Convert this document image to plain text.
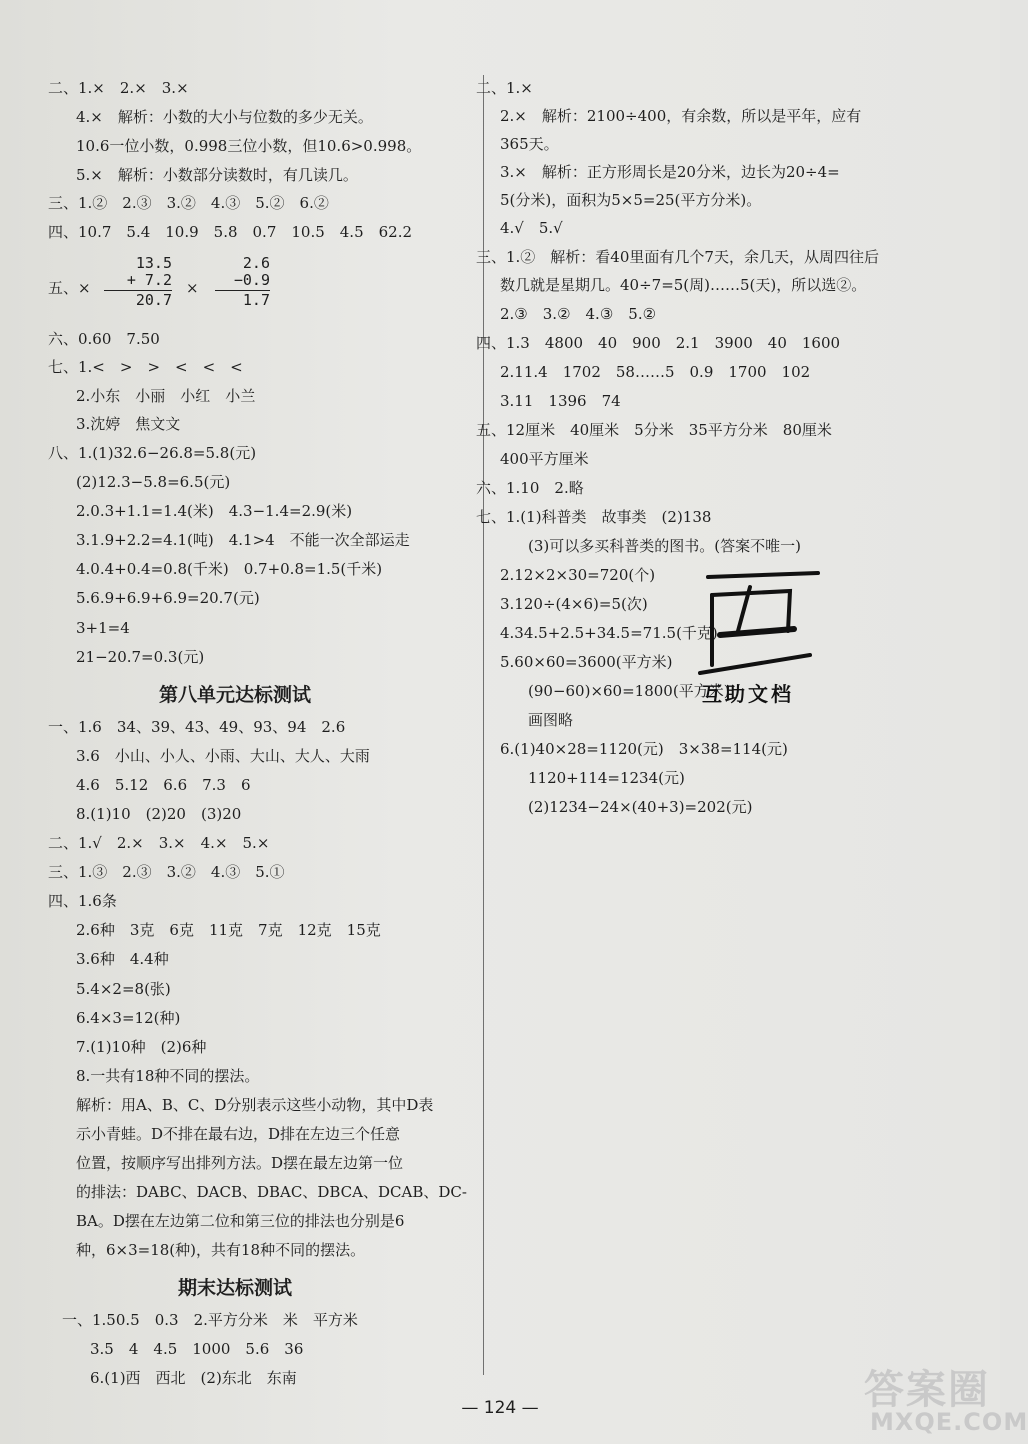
二、1.×　2.×　3.×
4.×　解析：小数的大小与位数的多少无关。
10.6一位小数，0.998三位小数，但10.6>0.998。
5.×　解析：小数部分读数时，有几读几。
三、1.②　2.③　3.②　4.③　5.②　6.②
四、10.7　5.4　10.9　5.8　0.7　10.5　4.5　62.2
五、×
13.5
+ 7.2
20.7
×
2.6
−0.9
1.7
六、0.60　7.50
七、1.<　>　>　<　<　<
2.小东　小丽　小红　小兰
3.沈婷　焦文文
八、1.(1)32.6−26.8=5.8(元)
(2)12.3−5.8=6.5(元)
2.0.3+1.1=1.4(米)　4.3−1.4=2.9(米)
3.1.9+2.2=4.1(吨)　4.1>4　不能一次全部运走
4.0.4+0.4=0.8(千米)　0.7+0.8=1.5(千米)
5.6.9+6.9+6.9=20.7(元)
3+1=4
21−20.7=0.3(元)
第八单元达标测试
一、1.6　34、39、43、49、93、94　2.6
3.6　小山、小人、小雨、大山、大人、大雨
4.6　5.12　6.6　7.3　6
8.(1)10　(2)20　(3)20
二、1.√　2.×　3.×　4.×　5.×
三、1.③　2.③　3.②　4.③　5.①
四、1.6条
2.6种　3克　6克　11克　7克　12克　15克
3.6种　4.4种
5.4×2=8(张)
6.4×3=12(种)
7.(1)10种　(2)6种
8.一共有18种不同的摆法。
解析：用A、B、C、D分别表示这些小动物，其中D表
示小青蛙。D不排在最右边，D排在左边三个任意
位置，按顺序写出排列方法。D摆在最左边第一位
的排法：DABC、DACB、DBAC、DBCA、DCAB、DC-
BA。D摆在左边第二位和第三位的排法也分别是6
种，6×3=18(种)，共有18种不同的摆法。
期末达标测试
一、1.50.5　0.3　2.平方分米　米　平方米
3.5　4　4.5　1000　5.6　36
6.(1)西　西北　(2)东北　东南
二、1.×
2.×　解析：2100÷400，有余数，所以是平年，应有
365天。
3.×　解析：正方形周长是20分米，边长为20÷4=
5(分米)，面积为5×5=25(平方分米)。
4.√　5.√
三、1.②　解析：看40里面有几个7天，余几天，从周四往后
数几就是星期几。40÷7=5(周)……5(天)，所以选②。
2.③　3.②　4.③　5.②
四、1.3　4800　40　900　2.1　3900　40　1600
2.11.4　1702　58……5　0.9　1700　102
3.11　1396　74
五、12厘米　40厘米　5分米　35平方分米　80厘米
400平方厘米
六、1.10　2.略
七、1.(1)科普类　故事类　(2)138
(3)可以多买科普类的图书。(答案不唯一)
2.12×2×30=720(个)
3.120÷(4×6)=5(次)
4.34.5+2.5+34.5=71.5(千克)
5.60×60=3600(平方米)
(90−60)×60=1800(平方米)
画图略
6.(1)40×28=1120(元)　3×38=114(元)
1120+114=1234(元)
(2)1234−24×(40+3)=202(元)
互助文档
— 124 —	答案圈
MXQE.COM
